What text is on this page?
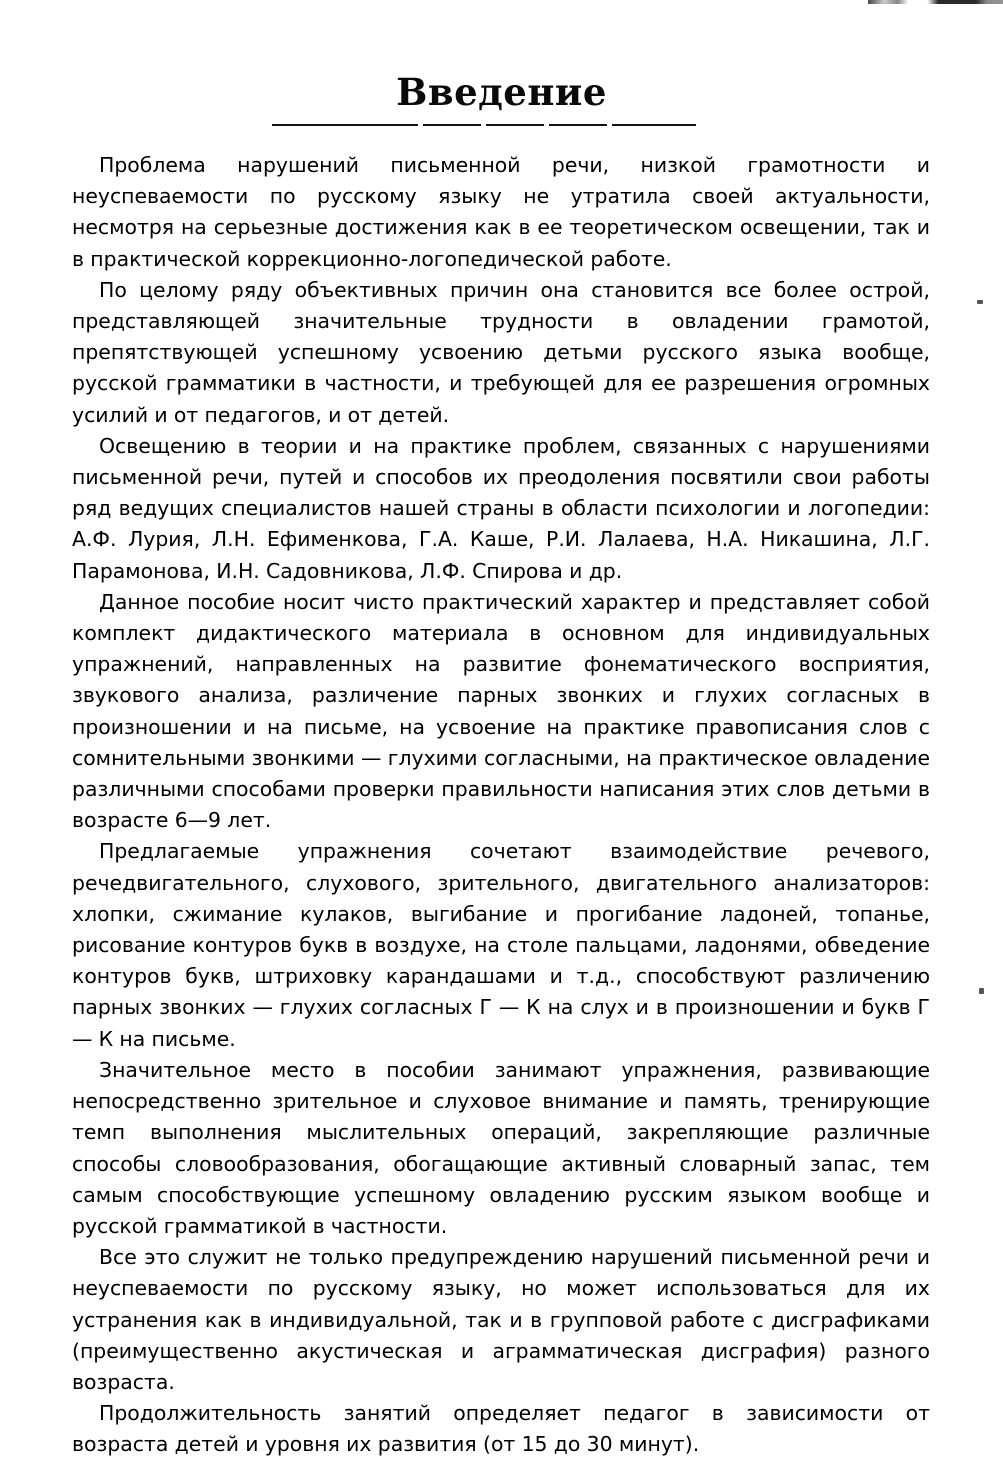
Введение

Проблема нарушений письменной речи, низкой грамотности и неуспеваемости по русскому языку не утратила своей актуальности, несмотря на серьезные достижения как в ее теоретическом освещении, так и в практической коррекционно-логопедической работе.

По целому ряду объективных причин она становится все более острой, представляющей значительные трудности в овладении грамотой, препятствующей успешному усвоению детьми русского языка вообще, русской грамматики в частности, и требующей для ее разрешения огромных усилий и от педагогов, и от детей.

Освещению в теории и на практике проблем, связанных с нарушениями письменной речи, путей и способов их преодоления посвятили свои работы ряд ведущих специалистов нашей страны в области психологии и логопедии: А.Ф. Лурия, Л.Н. Ефименкова, Г.А. Каше, Р.И. Лалаева, Н.А. Никашина, Л.Г. Парамонова, И.Н. Садовникова, Л.Ф. Спирова и др.

Данное пособие носит чисто практический характер и представляет собой комплект дидактического материала в основном для индивидуальных упражнений, направленных на развитие фонематического восприятия, звукового анализа, различение парных звонких и глухих согласных в произношении и на письме, на усвоение на практике правописания слов с сомнительными звонкими — глухими согласными, на практическое овладение различными способами проверки правильности написания этих слов детьми в возрасте 6—9 лет.

Предлагаемые упражнения сочетают взаимодействие речевого, речедвигательного, слухового, зрительного, двигательного анализаторов: хлопки, сжимание кулаков, выгибание и прогибание ладоней, топанье, рисование контуров букв в воздухе, на столе пальцами, ладонями, обведение контуров букв, штриховку карандашами и т.д., способствуют различению парных звонких — глухих согласных Г — К на слух и в произношении и букв Г — К на письме.

Значительное место в пособии занимают упражнения, развивающие непосредственно зрительное и слуховое внимание и память, тренирующие темп выполнения мыслительных операций, закрепляющие различные способы словообразования, обогащающие активный словарный запас, тем самым способствующие успешному овладению русским языком вообще и русской грамматикой в частности.

Все это служит не только предупреждению нарушений письменной речи и неуспеваемости по русскому языку, но может использоваться для их устранения как в индивидуальной, так и в групповой работе с дисграфиками (преимущественно акустическая и аграмматическая дисграфия) разного возраста.

Продолжительность занятий определяет педагог в зависимости от возраста детей и уровня их развития (от 15 до 30 минут).
